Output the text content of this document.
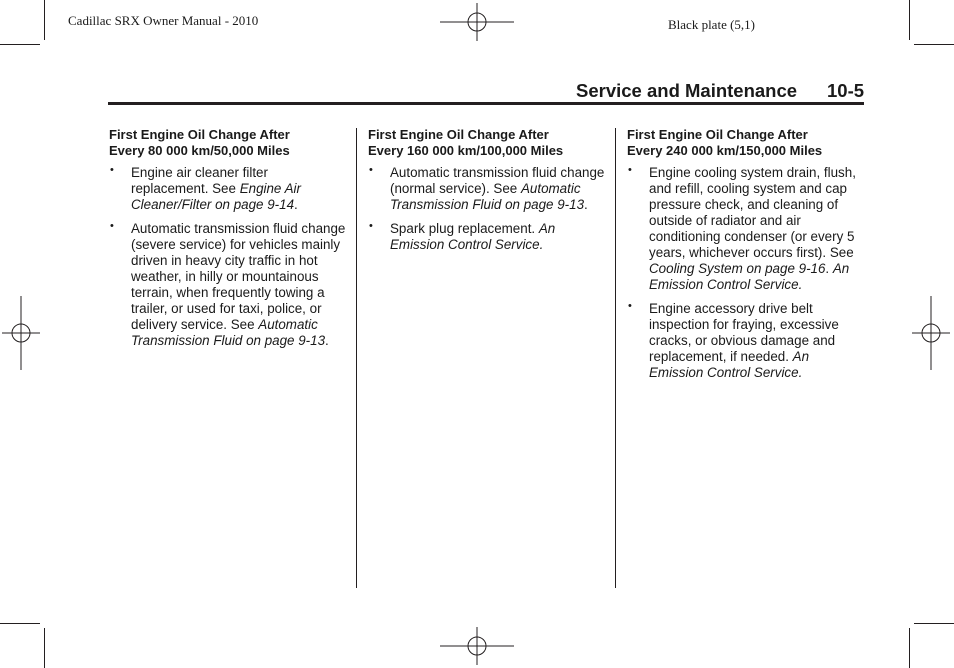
Cadillac SRX Owner Manual - 2010	Black plate (5,1)
Service and Maintenance 10-5
First Engine Oil Change After
Every 80 000 km/50,000 Miles
• Engine air cleaner filter replacement. See Engine Air Cleaner/Filter on page 9-14.
• Automatic transmission fluid change (severe service) for vehicles mainly driven in heavy city traffic in hot weather, in hilly or mountainous terrain, when frequently towing a trailer, or used for taxi, police, or delivery service. See Automatic Transmission Fluid on page 9-13.
First Engine Oil Change After
Every 160 000 km/100,000 Miles
• Automatic transmission fluid change (normal service). See Automatic Transmission Fluid on page 9-13.
• Spark plug replacement. An Emission Control Service.
First Engine Oil Change After
Every 240 000 km/150,000 Miles
• Engine cooling system drain, flush, and refill, cooling system and cap pressure check, and cleaning of outside of radiator and air conditioning condenser (or every 5 years, whichever occurs first). See Cooling System on page 9-16. An Emission Control Service.
• Engine accessory drive belt inspection for fraying, excessive cracks, or obvious damage and replacement, if needed. An Emission Control Service.
